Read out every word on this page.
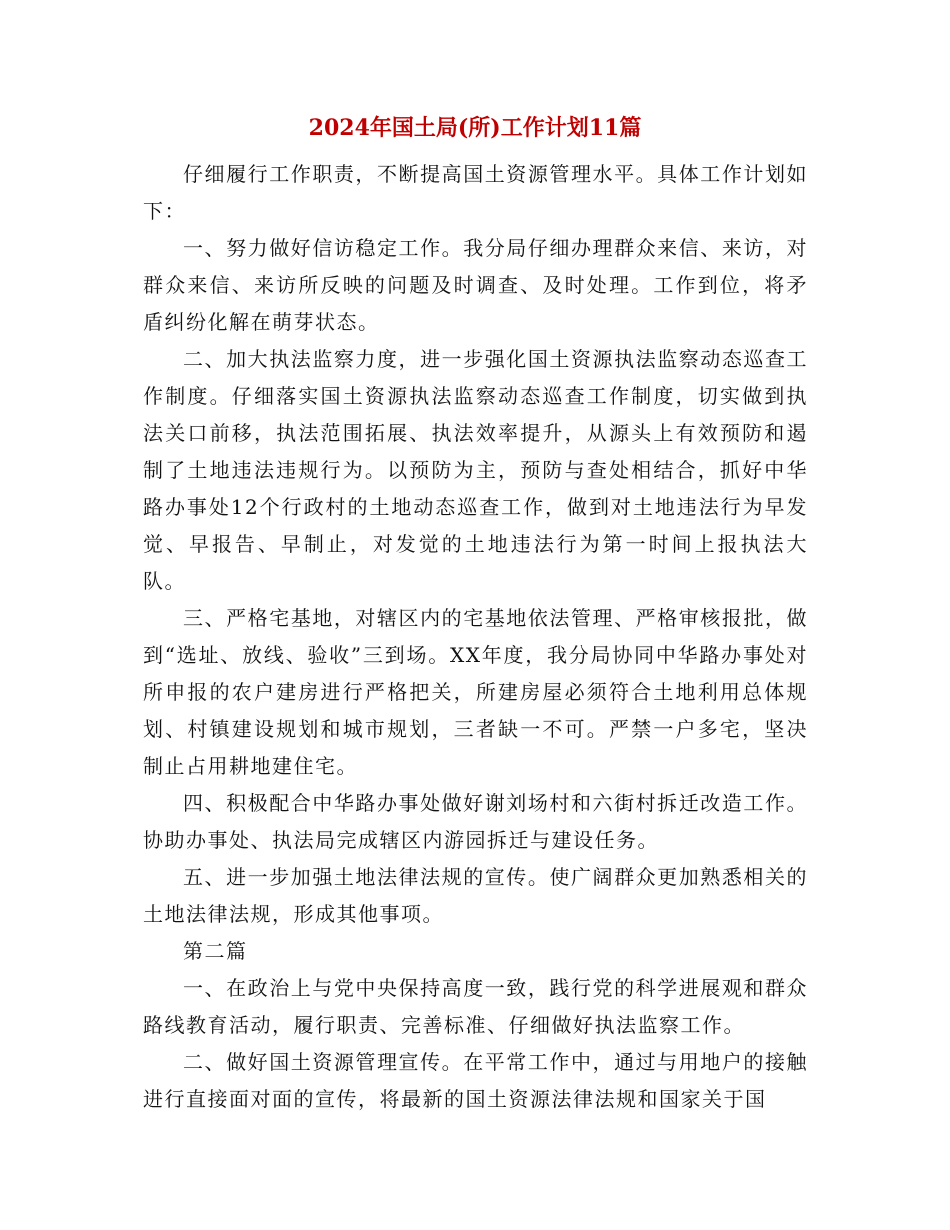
2024年国土局(所)工作计划11篇

仔细履行工作职责，不断提高国土资源管理水平。具体工作计划如下：

一、努力做好信访稳定工作。我分局仔细办理群众来信、来访，对群众来信、来访所反映的问题及时调查、及时处理。工作到位，将矛盾纠纷化解在萌芽状态。

二、加大执法监察力度，进一步强化国土资源执法监察动态巡查工作制度。仔细落实国土资源执法监察动态巡查工作制度，切实做到执法关口前移，执法范围拓展、执法效率提升，从源头上有效预防和遏制了土地违法违规行为。以预防为主，预防与查处相结合，抓好中华路办事处12个行政村的土地动态巡查工作，做到对土地违法行为早发觉、早报告、早制止，对发觉的土地违法行为第一时间上报执法大队。

三、严格宅基地，对辖区内的宅基地依法管理、严格审核报批，做到“选址、放线、验收”三到场。XX年度，我分局协同中华路办事处对所申报的农户建房进行严格把关，所建房屋必须符合土地利用总体规划、村镇建设规划和城市规划，三者缺一不可。严禁一户多宅，坚决制止占用耕地建住宅。

四、积极配合中华路办事处做好谢刘场村和六街村拆迁改造工作。协助办事处、执法局完成辖区内游园拆迁与建设任务。

五、进一步加强土地法律法规的宣传。使广阔群众更加熟悉相关的土地法律法规，形成其他事项。

第二篇

一、在政治上与党中央保持高度一致，践行党的科学进展观和群众路线教育活动，履行职责、完善标准、仔细做好执法监察工作。

二、做好国土资源管理宣传。在平常工作中，通过与用地户的接触进行直接面对面的宣传，将最新的国土资源法律法规和国家关于国
